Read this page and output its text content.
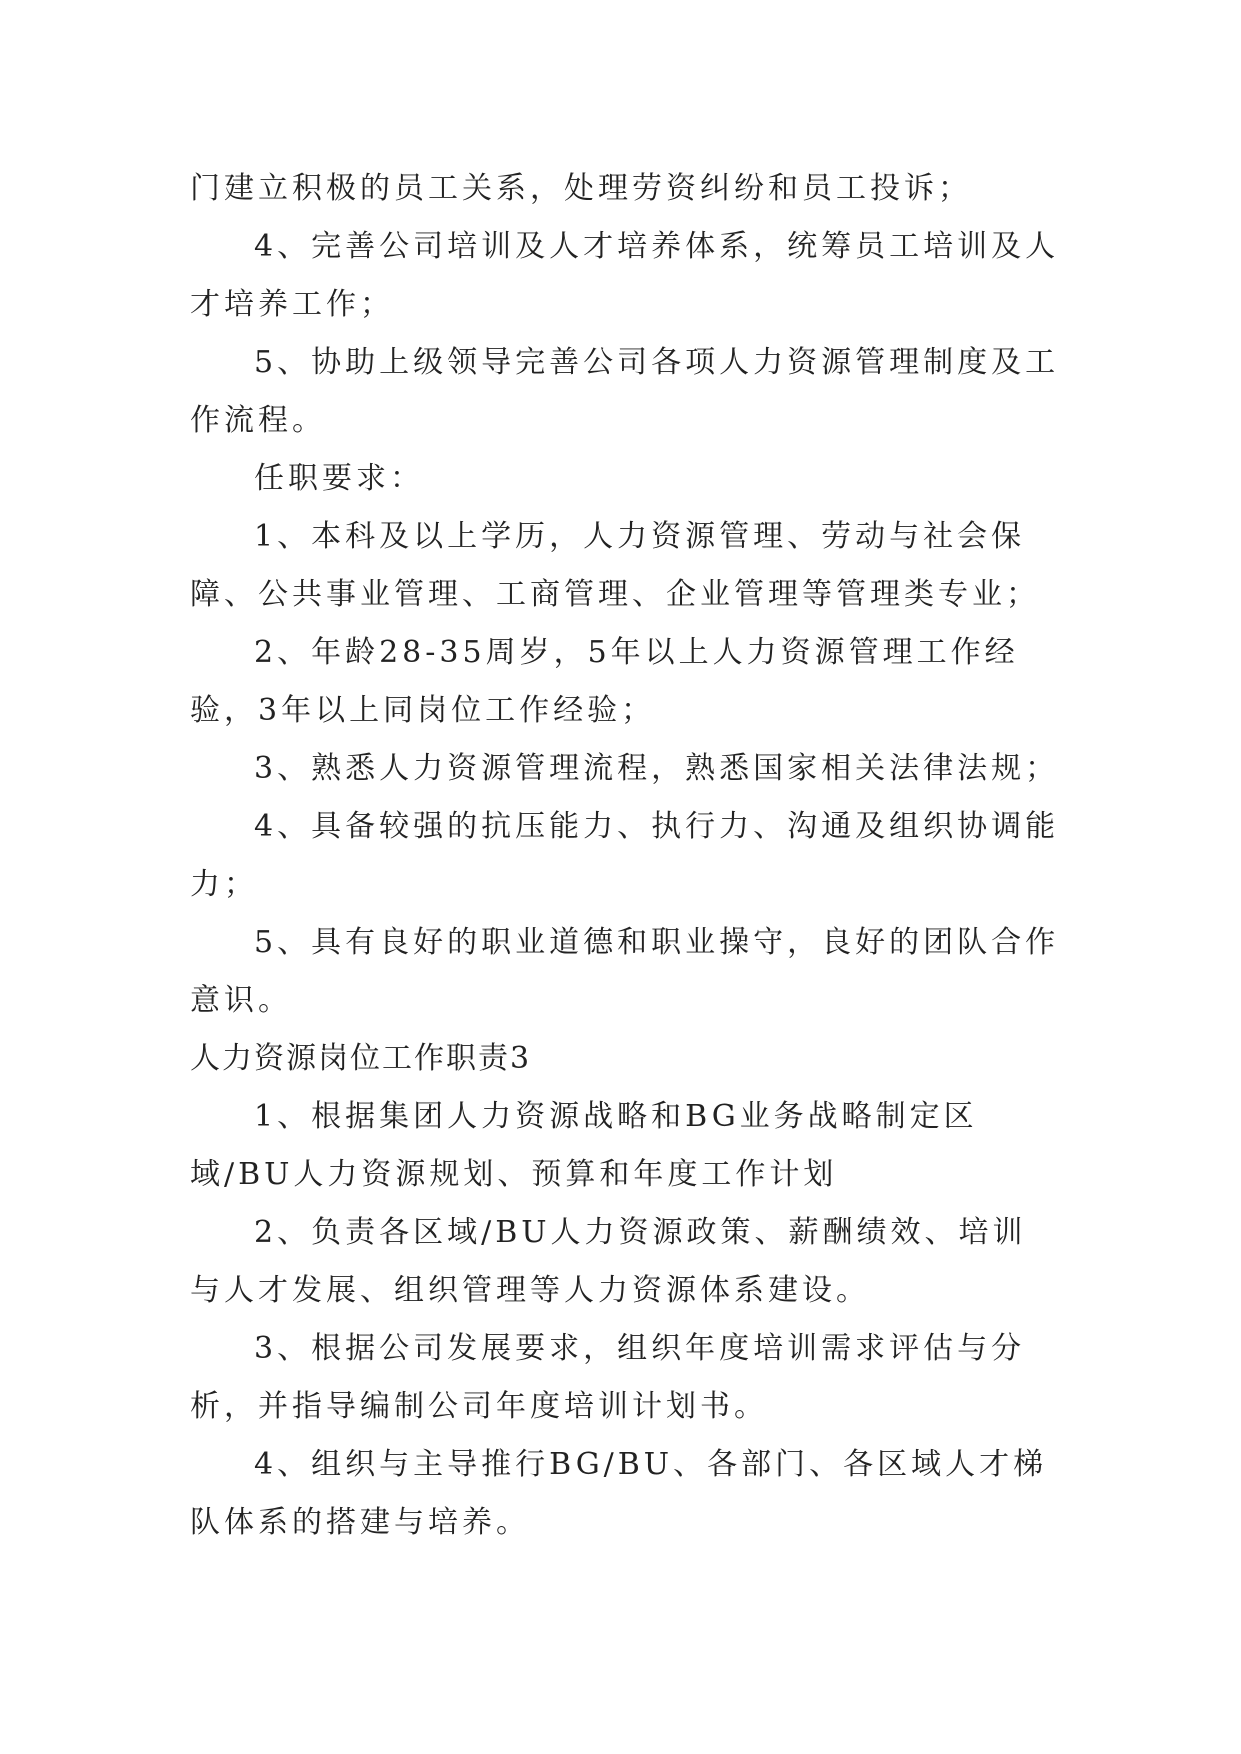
门建立积极的员工关系，处理劳资纠纷和员工投诉；

4、完善公司培训及人才培养体系，统筹员工培训及人才培养工作；

5、协助上级领导完善公司各项人力资源管理制度及工作流程。

任职要求：

1、本科及以上学历，人力资源管理、劳动与社会保障、公共事业管理、工商管理、企业管理等管理类专业；

2、年龄28-35周岁，5年以上人力资源管理工作经验，3年以上同岗位工作经验；

3、熟悉人力资源管理流程，熟悉国家相关法律法规；

4、具备较强的抗压能力、执行力、沟通及组织协调能力；

5、具有良好的职业道德和职业操守，良好的团队合作意识。

人力资源岗位工作职责3

1、根据集团人力资源战略和BG业务战略制定区域/BU人力资源规划、预算和年度工作计划

2、负责各区域/BU人力资源政策、薪酬绩效、培训与人才发展、组织管理等人力资源体系建设。

3、根据公司发展要求，组织年度培训需求评估与分析，并指导编制公司年度培训计划书。

4、组织与主导推行BG/BU、各部门、各区域人才梯队体系的搭建与培养。
